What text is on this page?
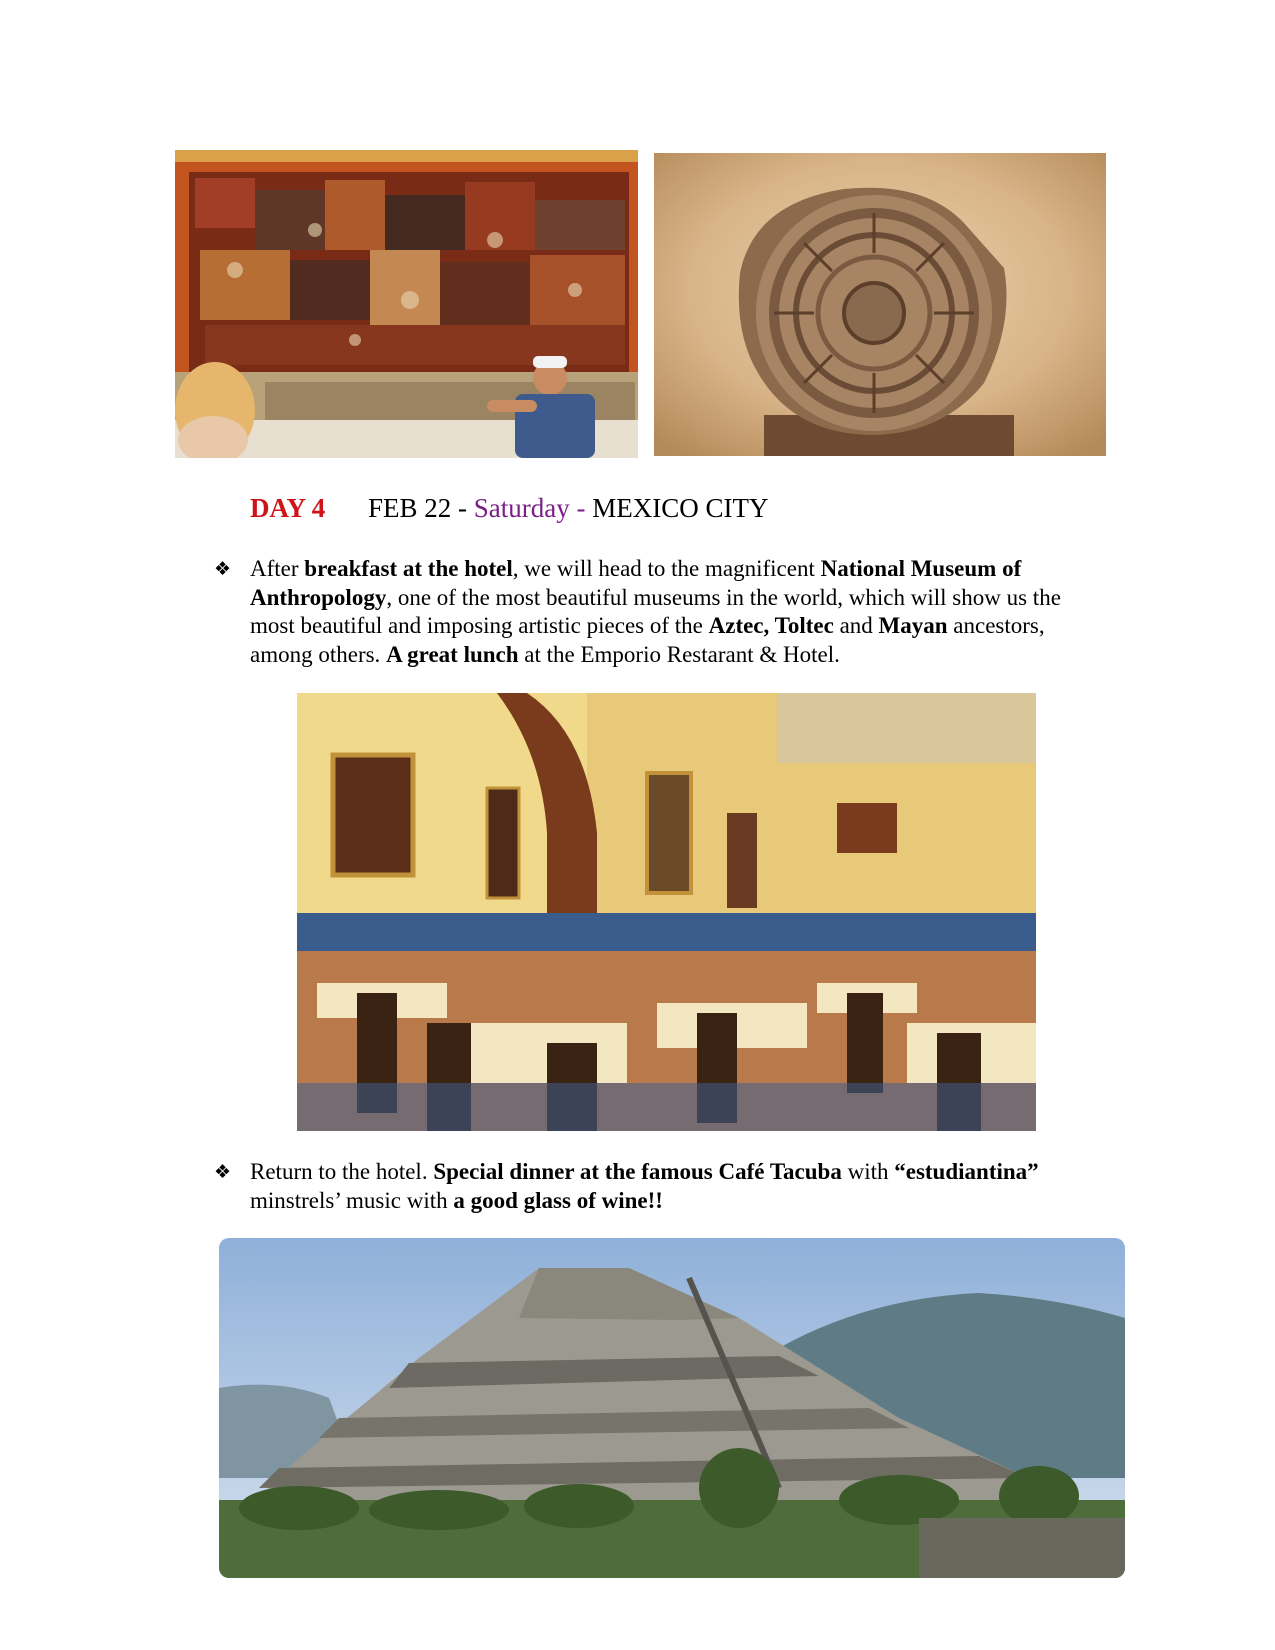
DAY 4 FEB 22 - Saturday - MEXICO CITY
❖ After breakfast at the hotel, we will head to the magnificent National Museum of Anthropology, one of the most beautiful museums in the world, which will show us the most beautiful and imposing artistic pieces of the Aztec, Toltec and Mayan ancestors, among others. A great lunch at the Emporio Restarant & Hotel.
❖ Return to the hotel. Special dinner at the famous Café Tacuba with “estudiantina” minstrels’ music with a good glass of wine!!
